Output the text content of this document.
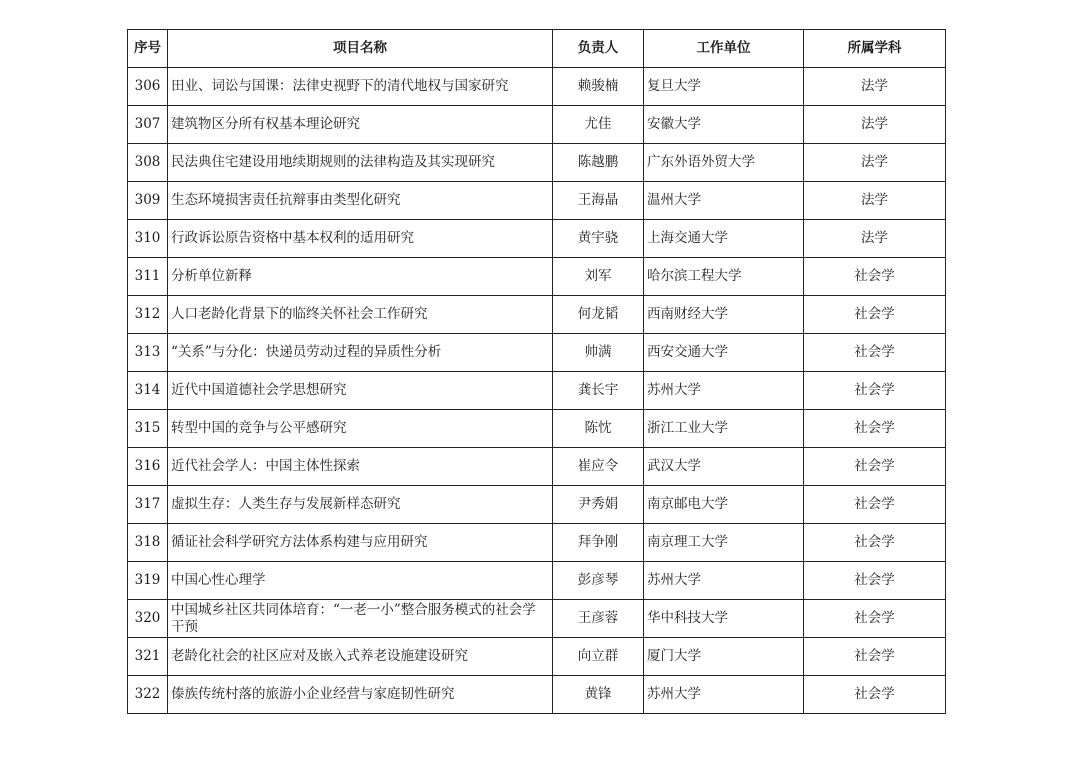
序号	项目名称	负责人	工作单位	所属学科
306	田业、词讼与国课：法律史视野下的清代地权与国家研究	赖骏楠	复旦大学	法学
307	建筑物区分所有权基本理论研究	尤佳	安徽大学	法学
308	民法典住宅建设用地续期规则的法律构造及其实现研究	陈越鹏	广东外语外贸大学	法学
309	生态环境损害责任抗辩事由类型化研究	王海晶	温州大学	法学
310	行政诉讼原告资格中基本权利的适用研究	黄宇骁	上海交通大学	法学
311	分析单位新释	刘军	哈尔滨工程大学	社会学
312	人口老龄化背景下的临终关怀社会工作研究	何龙韬	西南财经大学	社会学
313	“关系”与分化：快递员劳动过程的异质性分析	帅满	西安交通大学	社会学
314	近代中国道德社会学思想研究	龚长宇	苏州大学	社会学
315	转型中国的竞争与公平感研究	陈忱	浙江工业大学	社会学
316	近代社会学人：中国主体性探索	崔应令	武汉大学	社会学
317	虚拟生存：人类生存与发展新样态研究	尹秀娟	南京邮电大学	社会学
318	循证社会科学研究方法体系构建与应用研究	拜争刚	南京理工大学	社会学
319	中国心性心理学	彭彦琴	苏州大学	社会学
320	中国城乡社区共同体培育：“一老一小”整合服务模式的社会学干预	王彦蓉	华中科技大学	社会学
321	老龄化社会的社区应对及嵌入式养老设施建设研究	向立群	厦门大学	社会学
322	傣族传统村落的旅游小企业经营与家庭韧性研究	黄锋	苏州大学	社会学
